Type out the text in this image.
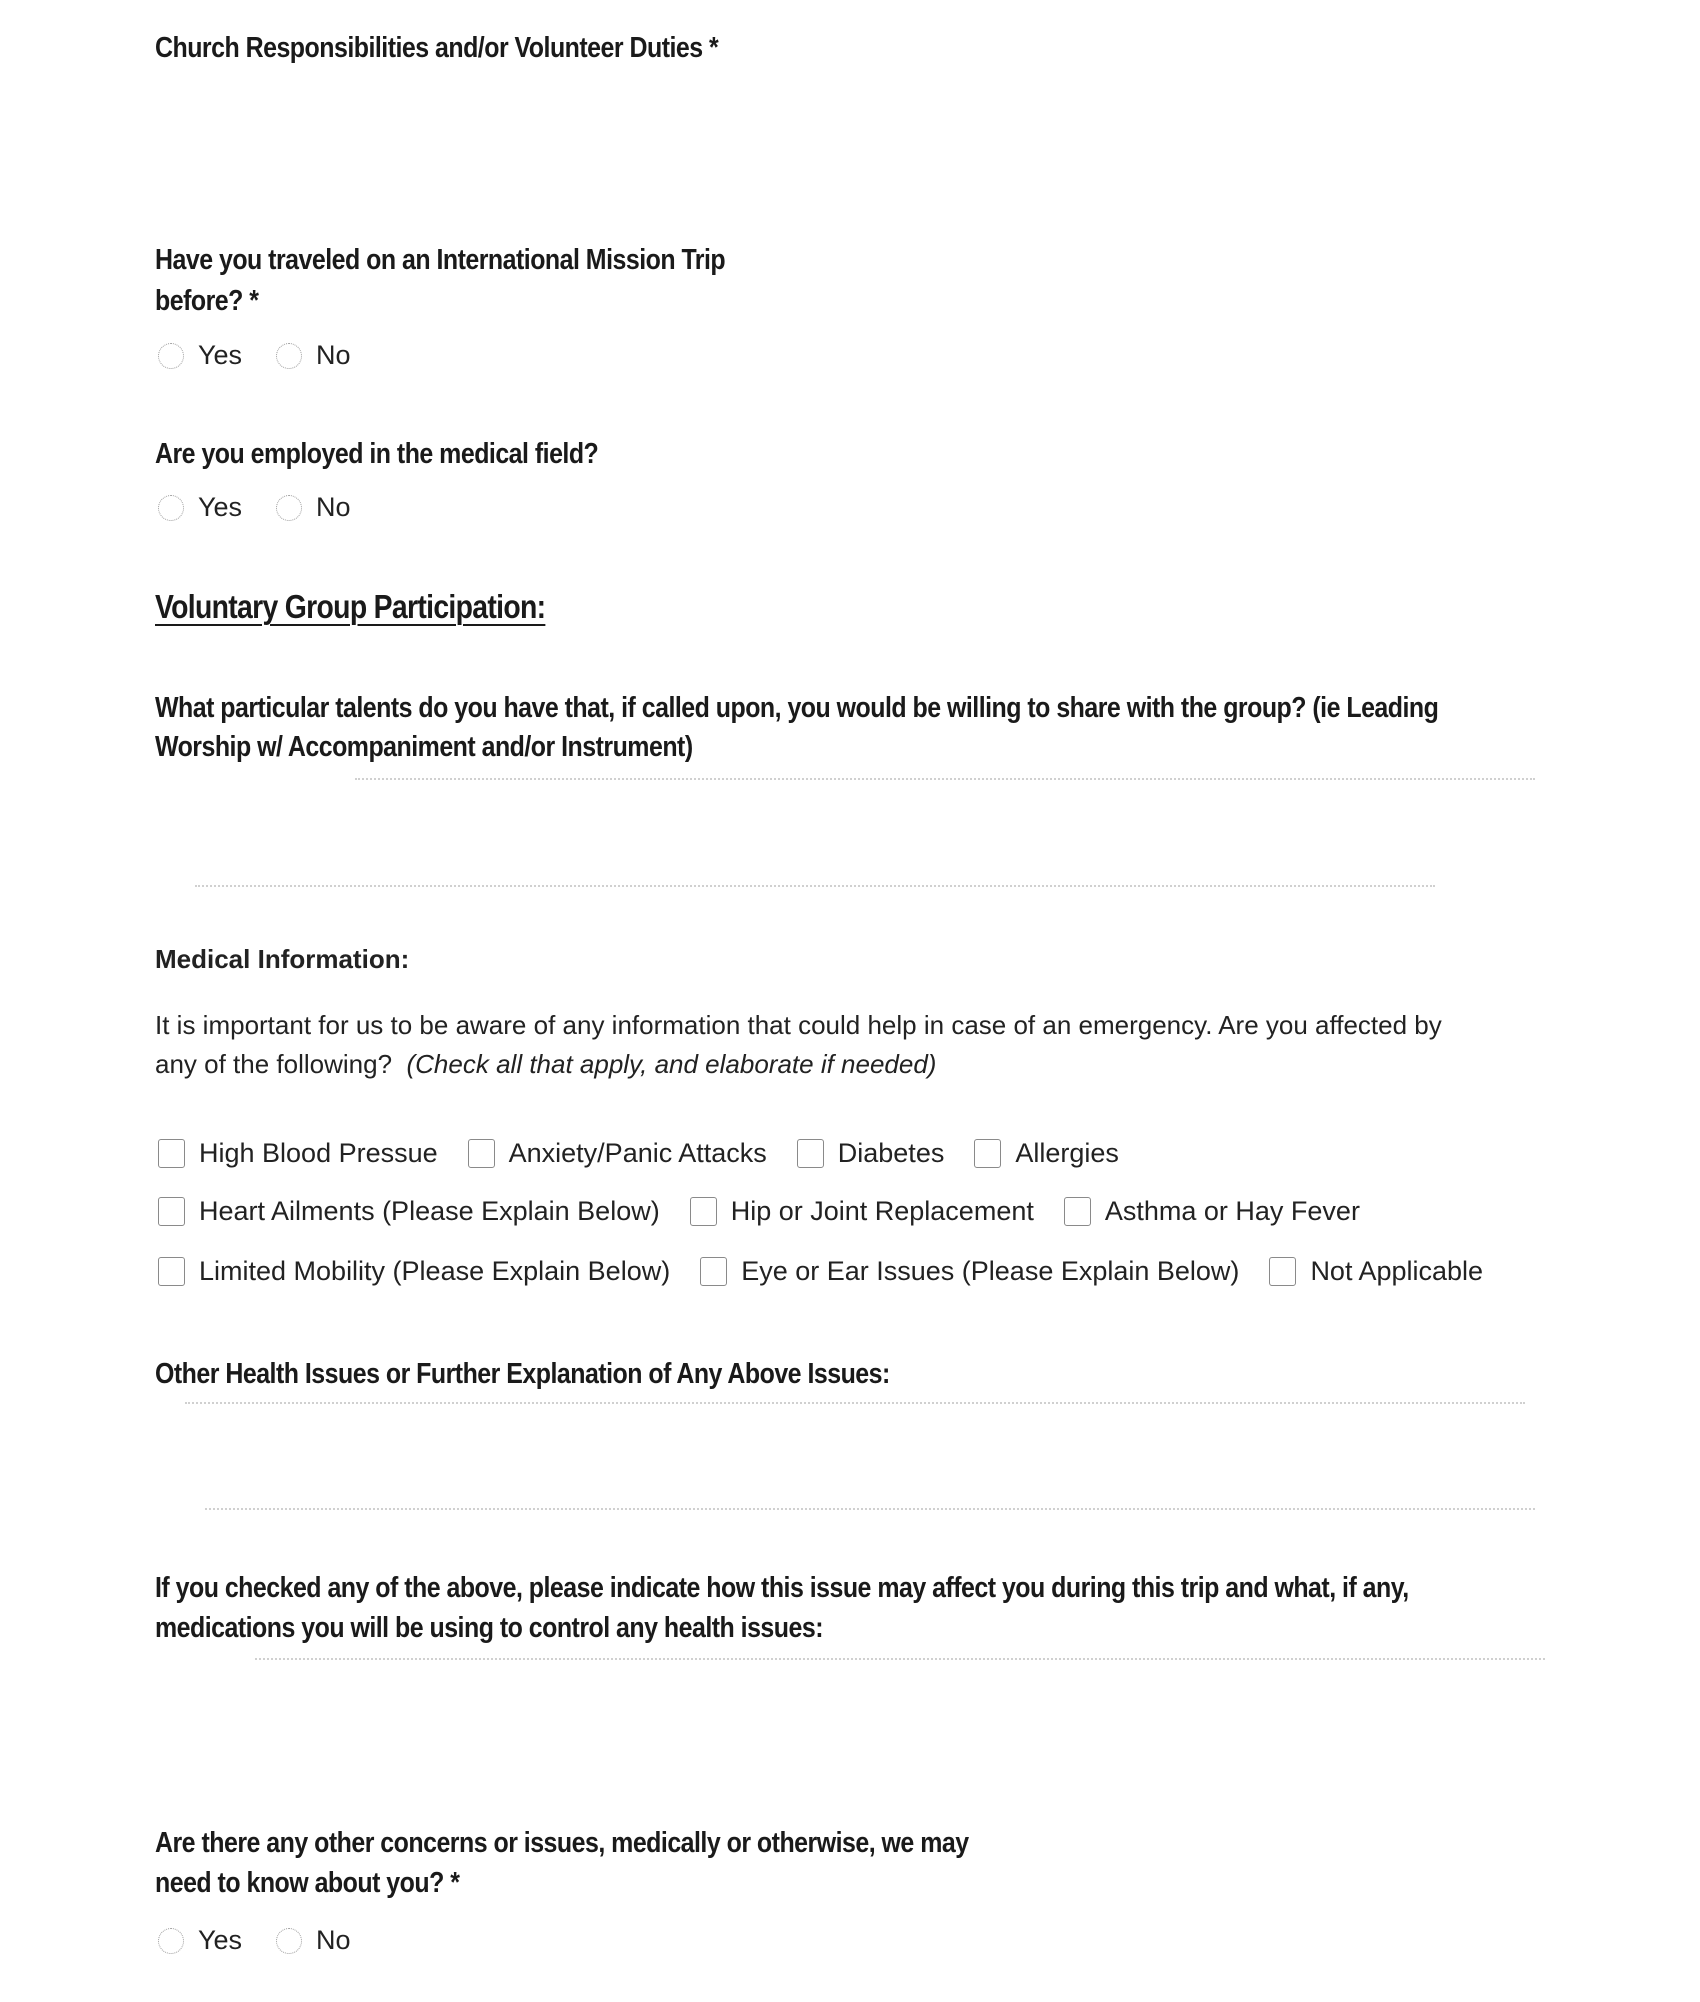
Church Responsibilities and/or Volunteer Duties *
Have you traveled on an International Mission Trip
before? *
Yes	No
Are you employed in the medical field?
Yes	No
Voluntary Group Participation:
What particular talents do you have that, if called upon, you would be willing to share with the group? (ie Leading
Worship w/ Accompaniment and/or Instrument)
Medical Information:
It is important for us to be aware of any information that could help in case of an emergency. Are you affected by
any of the following?  (Check all that apply, and elaborate if needed)
High Blood Pressue	Anxiety/Panic Attacks	Diabetes	Allergies
Heart Ailments (Please Explain Below)	Hip or Joint Replacement	Asthma or Hay Fever
Limited Mobility (Please Explain Below)	Eye or Ear Issues (Please Explain Below)	Not Applicable
Other Health Issues or Further Explanation of Any Above Issues:
If you checked any of the above, please indicate how this issue may affect you during this trip and what, if any,
medications you will be using to control any health issues:
Are there any other concerns or issues, medically or otherwise, we may
need to know about you? *
Yes	No
